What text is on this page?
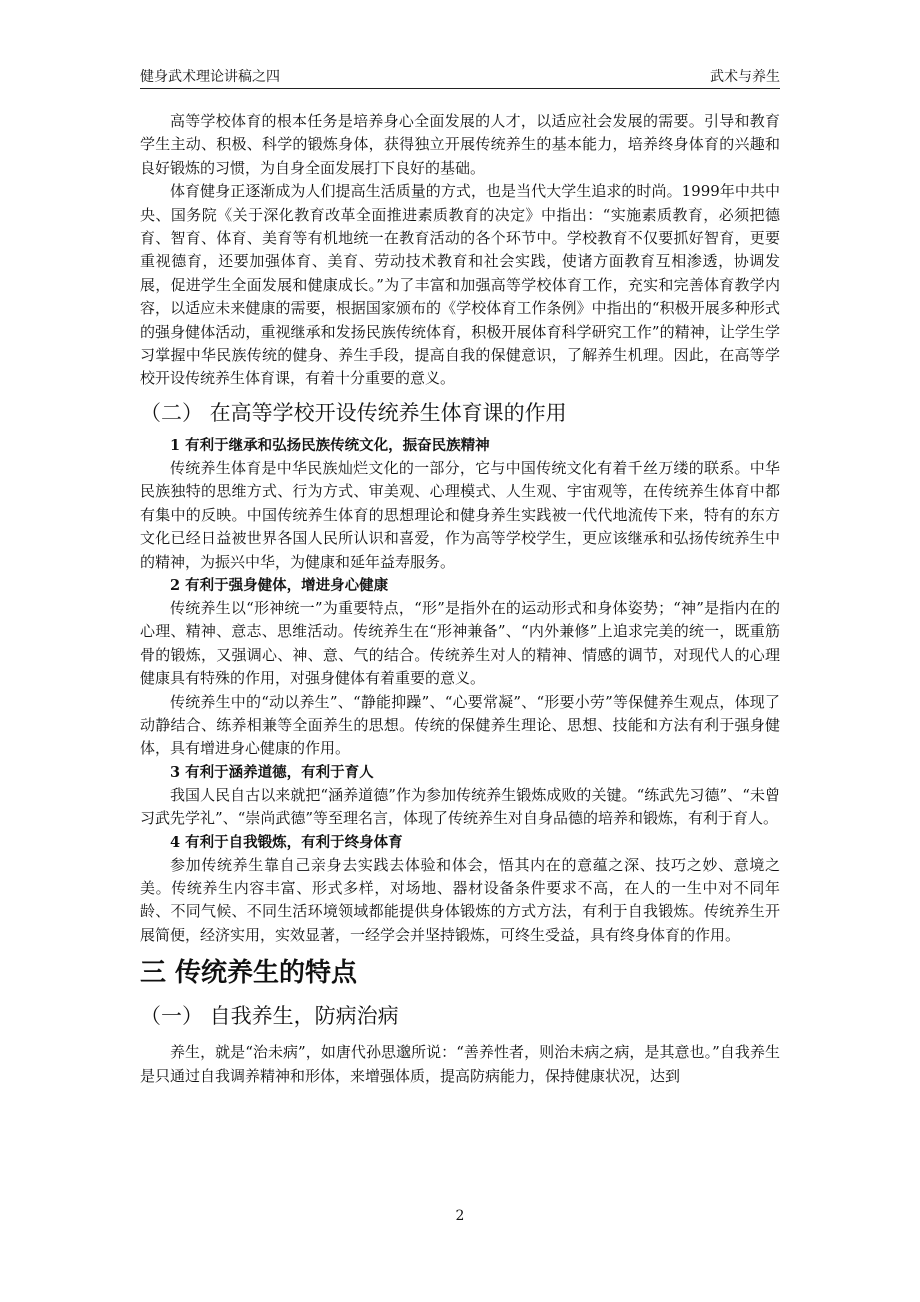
健身武术理论讲稿之四	武术与养生

高等学校体育的根本任务是培养身心全面发展的人才，以适应社会发展的需要。引导和教育学生主动、积极、科学的锻炼身体，获得独立开展传统养生的基本能力，培养终身体育的兴趣和良好锻炼的习惯，为自身全面发展打下良好的基础。

体育健身正逐渐成为人们提高生活质量的方式，也是当代大学生追求的时尚。1999年中共中央、国务院《关于深化教育改革全面推进素质教育的决定》中指出：“实施素质教育，必须把德育、智育、体育、美育等有机地统一在教育活动的各个环节中。学校教育不仅要抓好智育，更要重视德育，还要加强体育、美育、劳动技术教育和社会实践，使诸方面教育互相渗透，协调发展，促进学生全面发展和健康成长。”为了丰富和加强高等学校体育工作，充实和完善体育教学内容，以适应未来健康的需要，根据国家颁布的《学校体育工作条例》中指出的“积极开展多种形式的强身健体活动，重视继承和发扬民族传统体育，积极开展体育科学研究工作”的精神，让学生学习掌握中华民族传统的健身、养生手段，提高自我的保健意识，了解养生机理。因此，在高等学校开设传统养生体育课，有着十分重要的意义。

（二） 在高等学校开设传统养生体育课的作用
1 有利于继承和弘扬民族传统文化，振奋民族精神

传统养生体育是中华民族灿烂文化的一部分，它与中国传统文化有着千丝万缕的联系。中华民族独特的思维方式、行为方式、审美观、心理模式、人生观、宇宙观等，在传统养生体育中都有集中的反映。中国传统养生体育的思想理论和健身养生实践被一代代地流传下来，特有的东方文化已经日益被世界各国人民所认识和喜爱，作为高等学校学生，更应该继承和弘扬传统养生中的精神，为振兴中华，为健康和延年益寿服务。

2 有利于强身健体，增进身心健康

传统养生以“形神统一”为重要特点，“形”是指外在的运动形式和身体姿势；“神”是指内在的心理、精神、意志、思维活动。传统养生在“形神兼备”、“内外兼修”上追求完美的统一，既重筋骨的锻炼，又强调心、神、意、气的结合。传统养生对人的精神、情感的调节，对现代人的心理健康具有特殊的作用，对强身健体有着重要的意义。

传统养生中的“动以养生”、“静能抑躁”、“心要常凝”、“形要小劳”等保健养生观点，体现了动静结合、练养相兼等全面养生的思想。传统的保健养生理论、思想、技能和方法有利于强身健体，具有增进身心健康的作用。

3 有利于涵养道德，有利于育人

我国人民自古以来就把“涵养道德”作为参加传统养生锻炼成败的关键。“练武先习德”、“未曾习武先学礼”、“崇尚武德”等至理名言，体现了传统养生对自身品德的培养和锻炼，有利于育人。

4 有利于自我锻炼，有利于终身体育

参加传统养生靠自己亲身去实践去体验和体会，悟其内在的意蕴之深、技巧之妙、意境之美。传统养生内容丰富、形式多样，对场地、器材设备条件要求不高，在人的一生中对不同年龄、不同气候、不同生活环境领域都能提供身体锻炼的方式方法，有利于自我锻炼。传统养生开展简便，经济实用，实效显著，一经学会并坚持锻炼，可终生受益，具有终身体育的作用。

三 传统养生的特点
（一） 自我养生，防病治病

养生，就是“治未病”，如唐代孙思邈所说：“善养性者，则治未病之病，是其意也。”自我养生是只通过自我调养精神和形体，来增强体质，提高防病能力，保持健康状况，达到

2
